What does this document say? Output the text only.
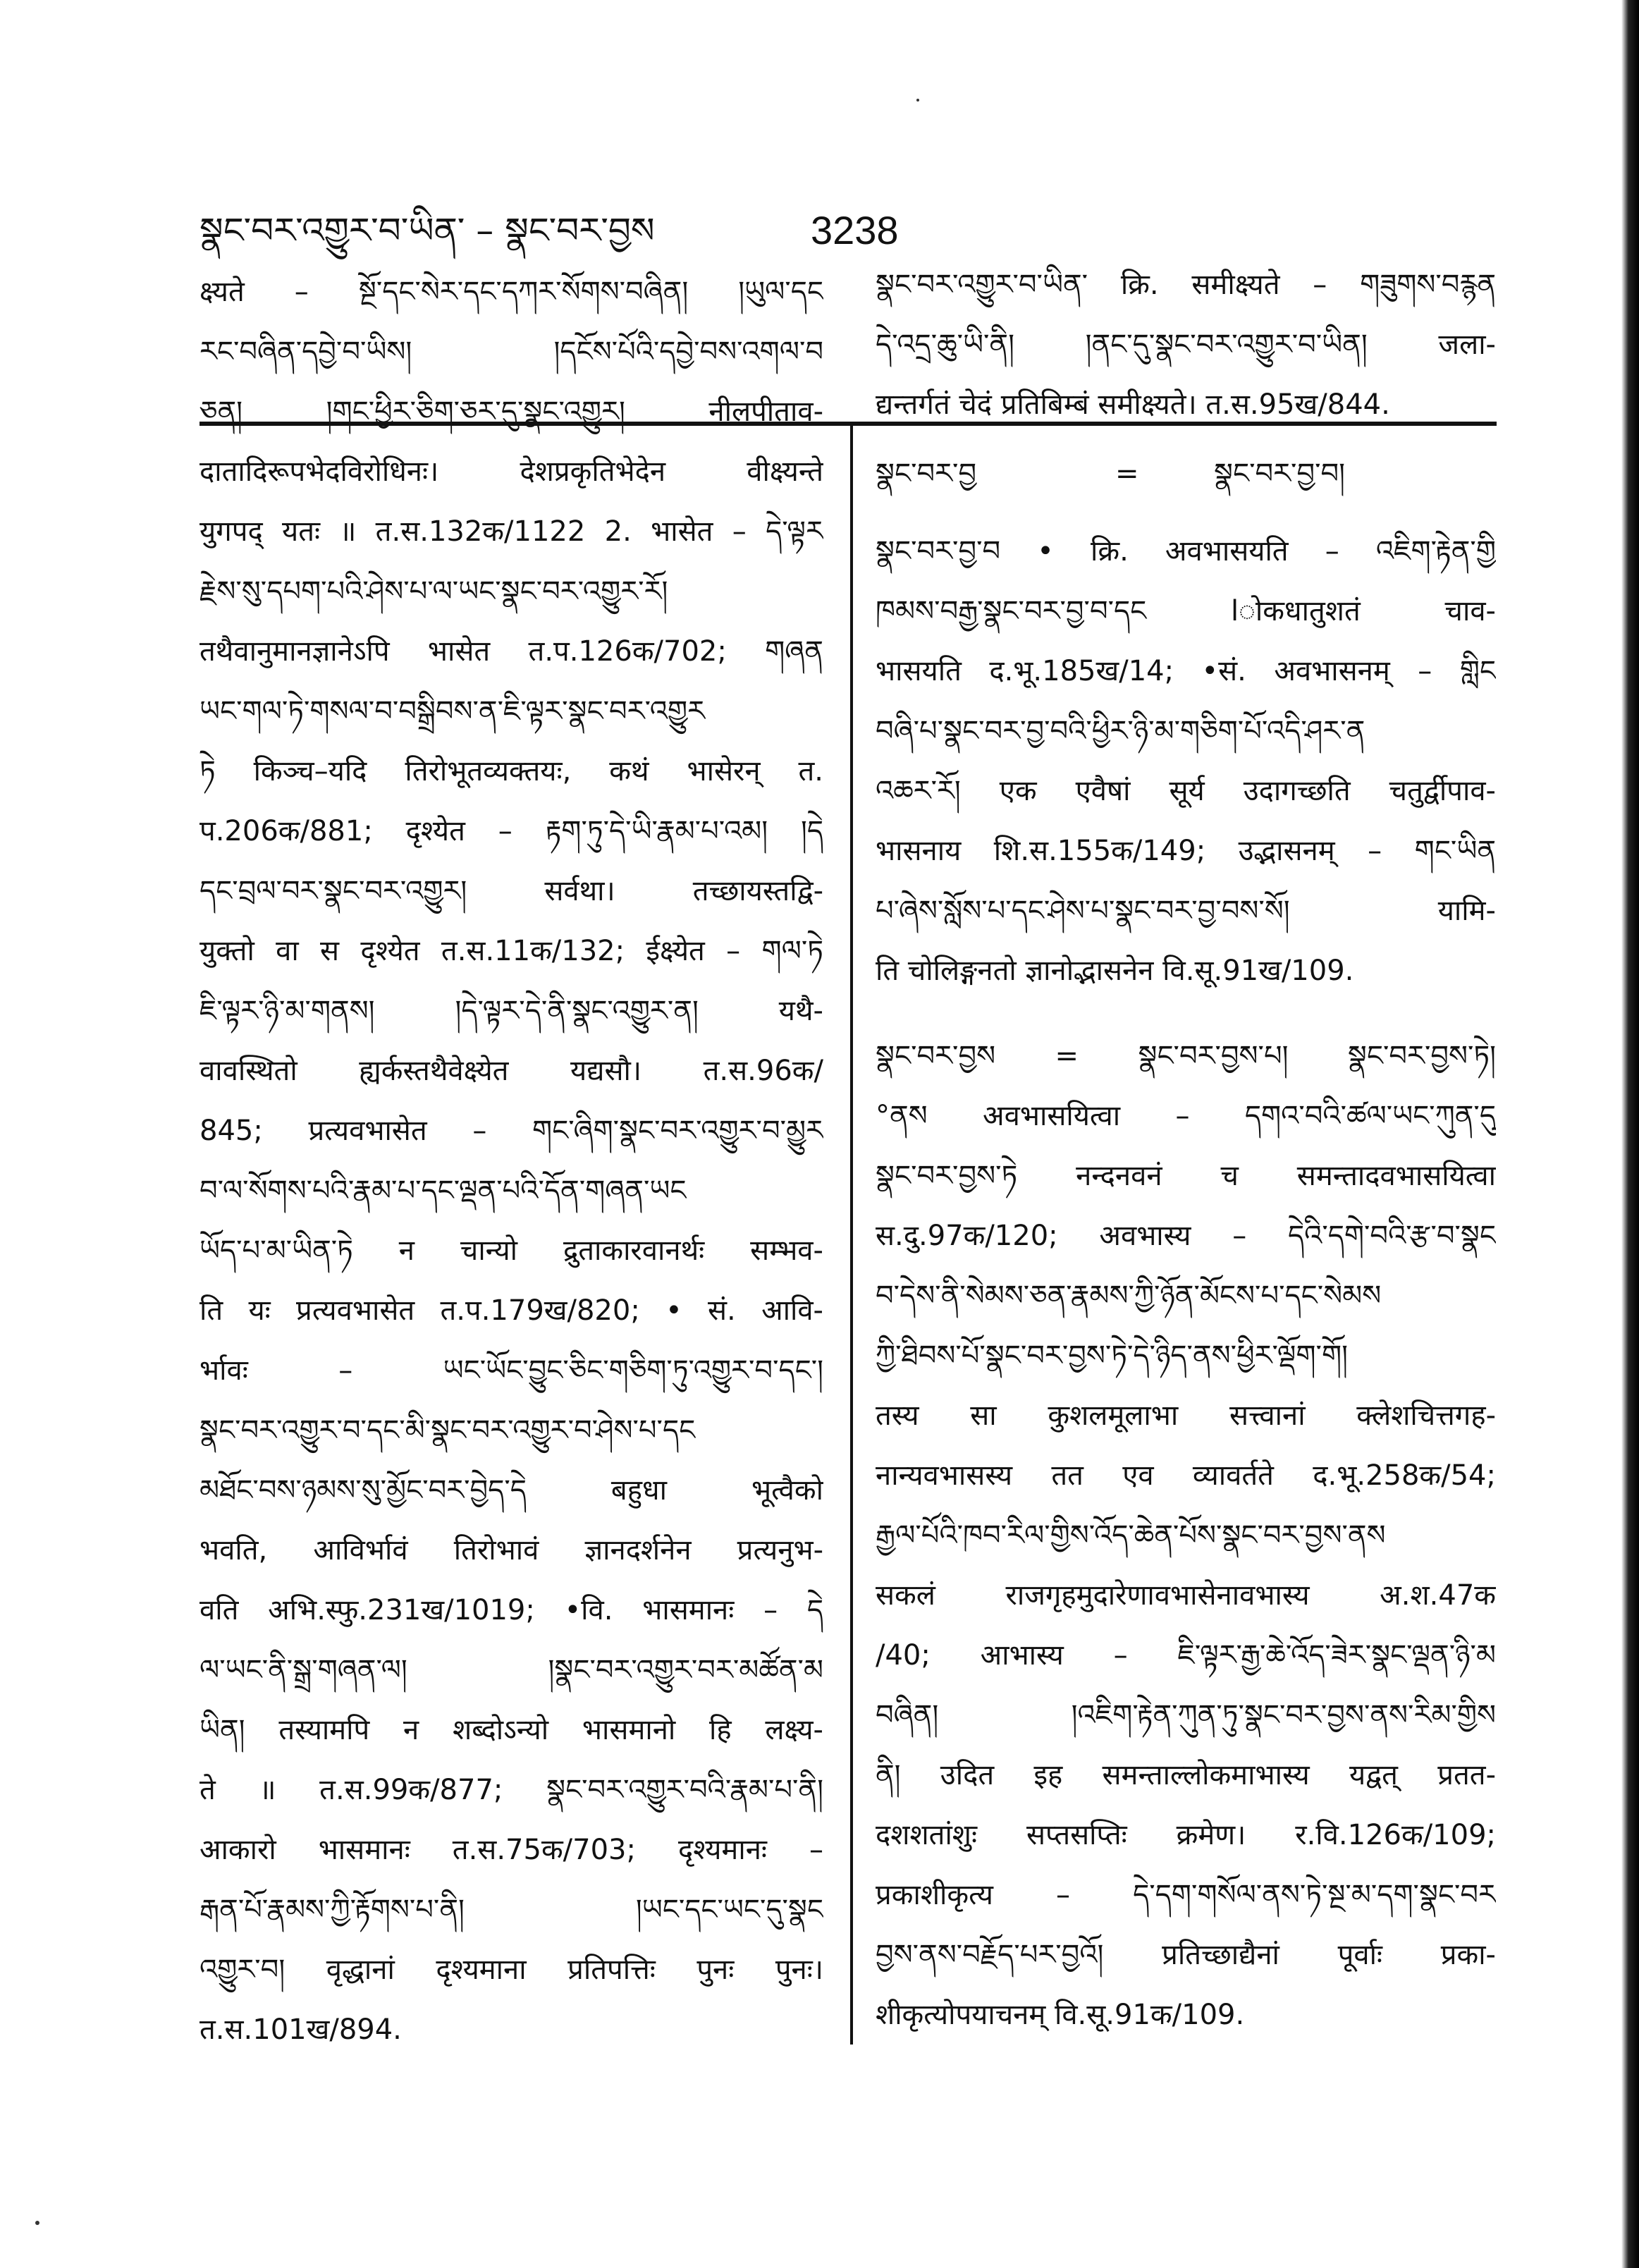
སྣང་བར་འགྱུར་བ་ཡིན་ – སྣང་བར་བྱས	3238
क्ष्यते – སྔོ་དང་སེར་དང་དཀར་སོགས་བཞིན། །ཡུལ་དང
རང་བཞིན་དབྱེ་བ་ཡིས། །དངོས་པོའི་དབྱེ་བས་འགལ་བ
ཅན། །གང་ཕྱིར་ཅིག་ཅར་དུ་སྣང་འགྱུར། नीलपीताव-
दातादिरूपभेदविरोधिनः। देशप्रकृतिभेदेन वीक्ष्यन्ते
युगपद् यतः ॥ त.स.132क/1122 2. भासेत – དེ་ལྟར
རྗེས་སུ་དཔག་པའི་ཤེས་པ་ལ་ཡང་སྣང་བར་འགྱུར་རོ།
तथैवानुमानज्ञानेऽपि भासेत त.प.126क/702; གཞན
ཡང་གལ་ཏེ་གསལ་བ་བསྒྲིབས་ན་ཇི་ལྟར་སྣང་བར་འགྱུར
ཏེ किञ्च–यदि तिरोभूतव्यक्तयः, कथं भासेरन् त.
प.206क/881; दृश्येत – རྟག་ཏུ་དེ་ཡི་རྣམ་པ་འམ། །དེ
དང་བྲལ་བར་སྣང་བར་འགྱུར། सर्वथा। तच्छायस्तद्वि-
युक्तो वा स दृश्येत त.स.11क/132; ईक्ष्येत – གལ་ཏེ
ཇི་ལྟར་ཉི་མ་གནས། །དེ་ལྟར་དེ་ནི་སྣང་འགྱུར་ན། यथै-
वावस्थितो ह्यर्कस्तथैवेक्ष्येत यद्यसौ। त.स.96क/
845; प्रत्यवभासेत – གང་ཞིག་སྣང་བར་འགྱུར་བ་མྱུར
བ་ལ་སོགས་པའི་རྣམ་པ་དང་ལྡན་པའི་དོན་གཞན་ཡང
ཡོད་པ་མ་ཡིན་ཏེ न चान्यो द्रुताकारवानर्थः सम्भव-
ति यः प्रत्यवभासेत त.प.179ख/820; • सं. आवि-
र्भावः – ཡང་ཡོང་བྱུང་ཅིང་གཅིག་ཏུ་འགྱུར་བ་དང་།
སྣང་བར་འགྱུར་བ་དང་མི་སྣང་བར་འགྱུར་བ་ཤེས་པ་དང
མཐོང་བས་ཉམས་སུ་མྱོང་བར་བྱེད་དེ बहुधा भूत्वैको
भवति, आविर्भावं तिरोभावं ज्ञानदर्शनेन प्रत्यनुभ-
वति अभि.स्फु.231ख/1019; •वि. भासमानः – དེ
ལ་ཡང་ནི་སྒྲ་གཞན་ལ། །སྣང་བར་འགྱུར་བར་མཚོན་མ
ཡིན། तस्यामपि न शब्दोऽन्यो भासमानो हि लक्ष्य-
ते ॥ त.स.99क/877; སྣང་བར་འགྱུར་བའི་རྣམ་པ་ནི།
आकारो भासमानः त.स.75क/703; दृश्यमानः –
རྒན་པོ་རྣམས་ཀྱི་རྟོགས་པ་ནི། །ཡང་དང་ཡང་དུ་སྣང
འགྱུར་བ། वृद्धानां दृश्यमाना प्रतिपत्तिः पुनः पुनः।
त.स.101ख/894.
སྣང་བར་འགྱུར་བ་ཡིན་ क्रि. समीक्ष्यते – གཟུགས་བརྙན
དེ་འདྲ་ཆུ་ཡི་ནི། །ནང་དུ་སྣང་བར་འགྱུར་བ་ཡིན། जला-
द्यन्तर्गतं चेदं प्रतिबिम्बं समीक्ष्यते। त.स.95ख/844.
སྣང་བར་བྱ	=	སྣང་བར་བྱ་བ།
སྣང་བར་བྱ་བ • क्रि. अवभासयति – འཇིག་རྟེན་གྱི
ཁམས་བརྒྱ་སྣང་བར་བྱ་བ་དང lोकधातुशतं चाव-
भासयति द.भू.185ख/14; •सं. अवभासनम् – གླིང
བཞི་པ་སྣང་བར་བྱ་བའི་ཕྱིར་ཉི་མ་གཅིག་པོ་འདི་ཤར་ན
འཆར་རོ། एक एवैषां सूर्य उदागच्छति चतुर्द्वीपाव-
भासनाय शि.स.155क/149; उद्भासनम् – གང་ཡིན
པ་ཞེས་སློས་པ་དང་ཤེས་པ་སྣང་བར་བྱ་བས་སོ། यामि-
ति चोलिङ्गनतो ज्ञानोद्भासनेन वि.सू.91ख/109.
སྣང་བར་བྱས = སྣང་བར་བྱས་པ། སྣང་བར་བྱས་ཏེ།
°ནས अवभासयित्वा – དགའ་བའི་ཚལ་ཡང་ཀུན་དུ
སྣང་བར་བྱས་ཏེ नन्दनवनं च समन्तादवभासयित्वा
स.दु.97क/120; अवभास्य – དེའི་དགེ་བའི་རྩ་བ་སྣང
བ་དེས་ནི་སེམས་ཅན་རྣམས་ཀྱི་ཉོན་མོངས་པ་དང་སེམས
ཀྱི་ཐིབས་པོ་སྣང་བར་བྱས་ཏེ་དེ་ཉིད་ནས་ཕྱིར་ལྡོག་གོ།
तस्य सा कुशलमूलाभा सत्त्वानां क्लेशचित्तगह-
नान्यवभासस्य तत एव व्यावर्तते द.भू.258क/54;
རྒྱལ་པོའི་ཁབ་རིལ་གྱིས་འོད་ཆེན་པོས་སྣང་བར་བྱས་ནས
सकलं राजगृहमुदारेणावभासेनावभास्य अ.श.47क
/40; आभास्य – ཇི་ལྟར་རྒྱ་ཆེ་འོད་ཟེར་སྣང་ལྡན་ཉི་མ
བཞིན། །འཇིག་རྟེན་ཀུན་ཏུ་སྣང་བར་བྱས་ནས་རིམ་གྱིས
ནི། उदित इह समन्ताल्लोकमाभास्य यद्वत् प्रतत-
दशशतांशुः सप्तसप्तिः क्रमेण। र.वि.126क/109;
प्रकाशीकृत्य – དེ་དག་གསོལ་ནས་ཏེ་སྔ་མ་དག་སྣང་བར
བྱས་ནས་བརྗོད་པར་བྱའོ། प्रतिच्छाद्यैनां पूर्वाः प्रका-
शीकृत्योपयाचनम् वि.सू.91क/109.
